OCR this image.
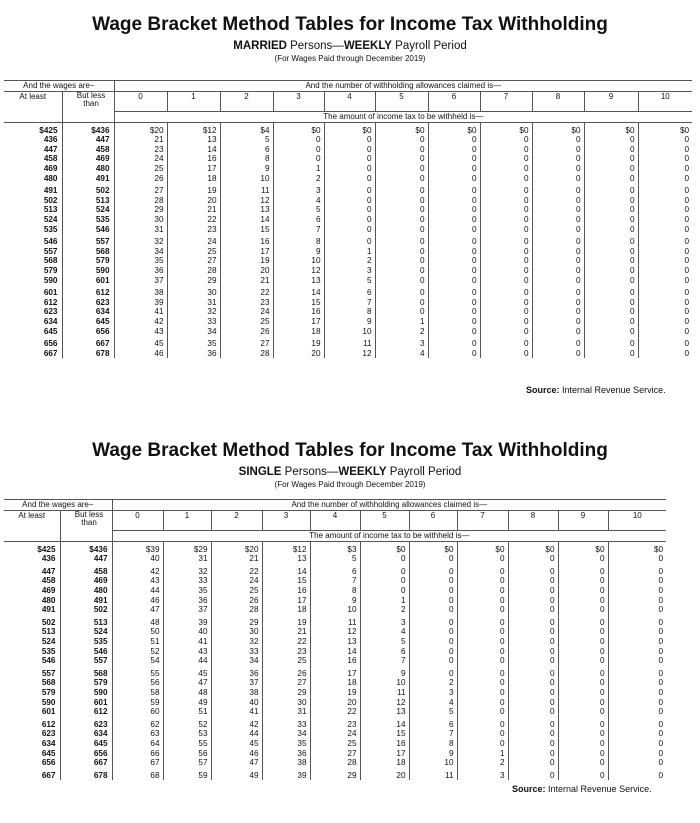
Wage Bracket Method Tables for Income Tax Withholding
MARRIED Persons—WEEKLY Payroll Period
(For Wages Paid through December 2019)
And the wages are–		And the number of withholding allowances claimed is—										
At least	But less than	0	1	2	3	4	5	6	7	8	9	10
		The amount of income tax to be withheld is—										

$425	$436	$20	$12	$4	$0	$0	$0	$0	$0	$0	$0	$0
436	447	21	13	5	0	0	0	0	0	0	0	0
447	458	23	14	6	0	0	0	0	0	0	0	0
458	469	24	16	8	0	0	0	0	0	0	0	0
469	480	25	17	9	1	0	0	0	0	0	0	0
480	491	26	18	10	2	0	0	0	0	0	0	0

491	502	27	19	11	3	0	0	0	0	0	0	0
502	513	28	20	12	4	0	0	0	0	0	0	0
513	524	29	21	13	5	0	0	0	0	0	0	0
524	535	30	22	14	6	0	0	0	0	0	0	0
535	546	31	23	15	7	0	0	0	0	0	0	0

546	557	32	24	16	8	0	0	0	0	0	0	0
557	568	34	25	17	9	1	0	0	0	0	0	0
568	579	35	27	19	10	2	0	0	0	0	0	0
579	590	36	28	20	12	3	0	0	0	0	0	0
590	601	37	29	21	13	5	0	0	0	0	0	0

601	612	38	30	22	14	6	0	0	0	0	0	0
612	623	39	31	23	15	7	0	0	0	0	0	0
623	634	41	32	24	16	8	0	0	0	0	0	0
634	645	42	33	25	17	9	1	0	0	0	0	0
645	656	43	34	26	18	10	2	0	0	0	0	0

656	667	45	35	27	19	11	3	0	0	0	0	0
667	678	46	36	28	20	12	4	0	0	0	0	0
Source: Internal Revenue Service.
Wage Bracket Method Tables for Income Tax Withholding
SINGLE Persons—WEEKLY Payroll Period
(For Wages Paid through December 2019)
And the wages are–		And the number of withholding allowances claimed is—										
At least	But less than	0	1	2	3	4	5	6	7	8	9	10
		The amount of income tax to be withheld is—										

$425	$436	$39	$29	$20	$12	$3	$0	$0	$0	$0	$0	$0
436	447	40	31	21	13	5	0	0	0	0	0	0

447	458	42	32	22	14	6	0	0	0	0	0	0
458	469	43	33	24	15	7	0	0	0	0	0	0
469	480	44	35	25	16	8	0	0	0	0	0	0
480	491	46	36	26	17	9	1	0	0	0	0	0
491	502	47	37	28	18	10	2	0	0	0	0	0

502	513	48	39	29	19	11	3	0	0	0	0	0
513	524	50	40	30	21	12	4	0	0	0	0	0
524	535	51	41	32	22	13	5	0	0	0	0	0
535	546	52	43	33	23	14	6	0	0	0	0	0
546	557	54	44	34	25	16	7	0	0	0	0	0

557	568	55	45	36	26	17	9	0	0	0	0	0
568	579	56	47	37	27	18	10	2	0	0	0	0
579	590	58	48	38	29	19	11	3	0	0	0	0
590	601	59	49	40	30	20	12	4	0	0	0	0
601	612	60	51	41	31	22	13	5	0	0	0	0

612	623	62	52	42	33	23	14	6	0	0	0	0
623	634	63	53	44	34	24	15	7	0	0	0	0
634	645	64	55	45	35	25	16	8	0	0	0	0
645	656	66	56	46	36	27	17	9	1	0	0	0
656	667	67	57	47	38	28	18	10	2	0	0	0

667	678	68	59	49	39	29	20	11	3	0	0	0
Source: Internal Revenue Service.
